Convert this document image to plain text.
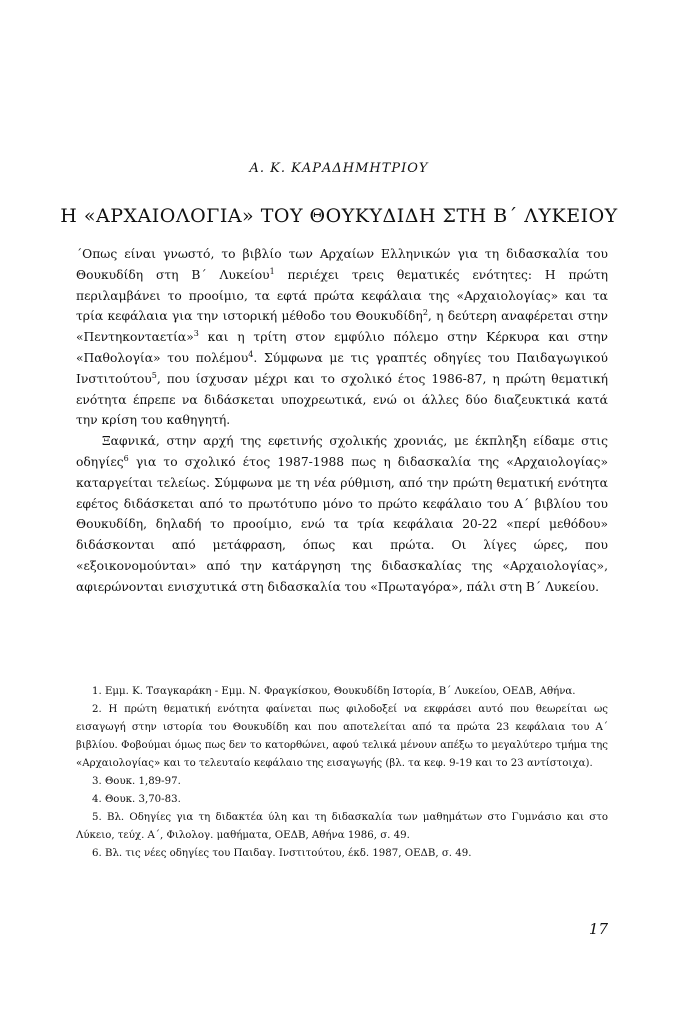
Α. Κ. ΚΑΡΑΔΗΜΗΤΡΙΟΥ
Η «ΑΡΧΑΙΟΛΟΓΙΑ» ΤΟΥ ΘΟΥΚΥΔΙΔΗ ΣΤΗ Β΄ ΛΥΚΕΙΟΥ

΄Οπως είναι γνωστό, το βιβλίο των Αρχαίων Ελληνικών για τη διδασκαλία του Θουκυδίδη στη Β΄ Λυκείου$^1$ περιέχει τρεις θεματικές ενότητες: Η πρώτη περιλαμβάνει το προοίμιο, τα εφτά πρώτα κεφάλαια της «Αρχαιολογίας» και τα τρία κεφάλαια για την ιστορική μέθοδο του Θουκυδίδη$^2$, η δεύτερη αναφέρεται στην «Πεντηκονταετία»$^3$ και η τρίτη στον εμφύλιο πόλεμο στην Κέρκυρα και στην «Παθολογία» του πολέμου$^4$. Σύμφωνα με τις γραπτές οδηγίες του Παιδαγωγικού Ινστιτούτου$^5$, που ίσχυσαν μέχρι και το σχολικό έτος 1986-87, η πρώτη θεματική ενότητα έπρεπε να διδάσκεται υποχρεωτικά, ενώ οι άλλες δύο διαζευκτικά κατά την κρίση του καθηγητή.

Ξαφνικά, στην αρχή της εφετινής σχολικής χρονιάς, με έκπληξη είδαμε στις οδηγίες$^6$ για το σχολικό έτος 1987-1988 πως η διδασκαλία της «Αρχαιολογίας» καταργείται τελείως. Σύμφωνα με τη νέα ρύθμιση, από την πρώτη θεματική ενότητα εφέτος διδάσκεται από το πρωτότυπο μόνο το πρώτο κεφάλαιο του Α΄ βιβλίου του Θουκυδίδη, δηλαδή το προοίμιο, ενώ τα τρία κεφάλαια 20-22 «περί μεθόδου» διδάσκονται από μετάφραση, όπως και πρώτα. Οι λίγες ώρες, που «εξοικονομούνται» από την κατάργηση της διδασκαλίας της «Αρχαιολογίας», αφιερώνονται ενισχυτικά στη διδασκαλία του «Πρωταγόρα», πάλι στη Β΄ Λυκείου.

1. Εμμ. Κ. Τσαγκαράκη - Εμμ. Ν. Φραγκίσκου, Θουκυδίδη Ιστορία, Β΄ Λυκείου, ΟΕΔΒ, Αθήνα.

2. Η πρώτη θεματική ενότητα φαίνεται πως φιλοδοξεί να εκφράσει αυτό που θεωρείται ως εισαγωγή στην ιστορία του Θουκυδίδη και που αποτελείται από τα πρώτα 23 κεφάλαια του Α΄ βιβλίου. Φοβούμαι όμως πως δεν το κατορθώνει, αφού τελικά μένουν απέξω το μεγαλύτερο τμήμα της «Αρχαιολογίας» και το τελευταίο κεφάλαιο της εισαγωγής (βλ. τα κεφ. 9-19 και το 23 αντίστοιχα).

3. Θουκ. 1,89-97.

4. Θουκ. 3,70-83.

5. Βλ. Οδηγίες για τη διδακτέα ύλη και τη διδασκαλία των μαθημάτων στο Γυμνάσιο και στο Λύκειο, τεύχ. Α΄, Φιλολογ. μαθήματα, ΟΕΔΒ, Αθήνα 1986, σ. 49.

6. Βλ. τις νέες οδηγίες του Παιδαγ. Ινστιτούτου, έκδ. 1987, ΟΕΔΒ, σ. 49.

17
